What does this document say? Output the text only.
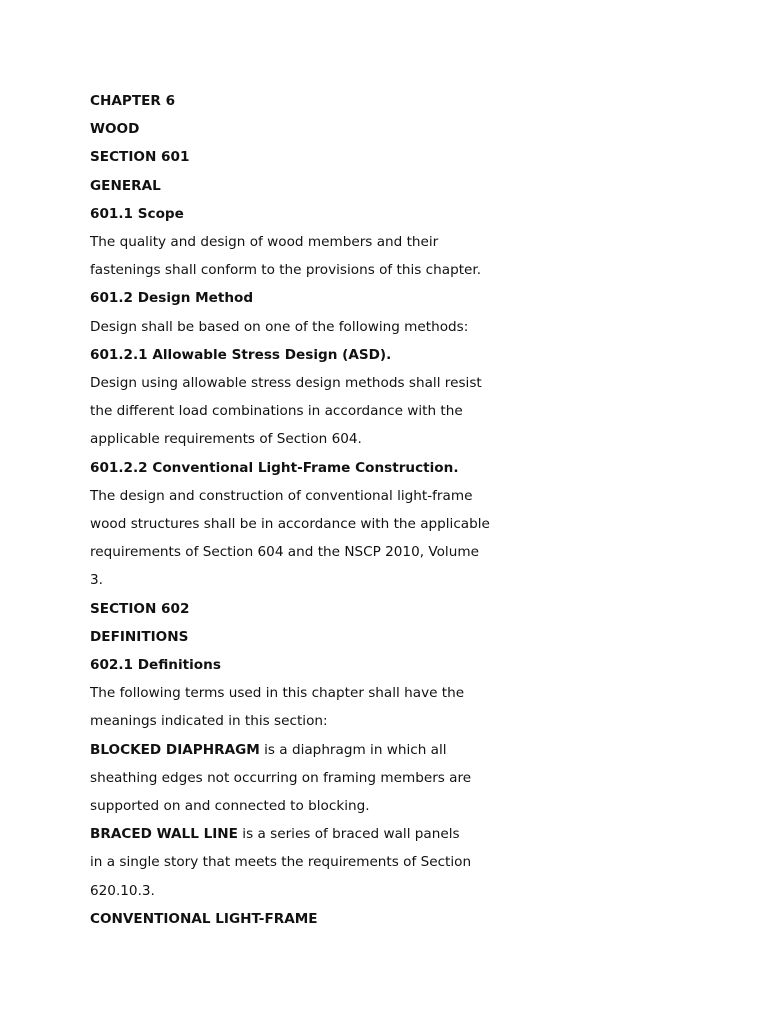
CHAPTER 6

WOOD

SECTION 601

GENERAL

601.1 Scope

The quality and design of wood members and their

fastenings shall conform to the provisions of this chapter.

601.2 Design Method

Design shall be based on one of the following methods:

601.2.1 Allowable Stress Design (ASD).

Design using allowable stress design methods shall resist

the different load combinations in accordance with the

applicable requirements of Section 604.

601.2.2 Conventional Light-Frame Construction.

The design and construction of conventional light-frame

wood structures shall be in accordance with the applicable

requirements of Section 604 and the NSCP 2010, Volume

3.

SECTION 602

DEFINITIONS

602.1 Definitions

The following terms used in this chapter shall have the

meanings indicated in this section:

BLOCKED DIAPHRAGM is a diaphragm in which all

sheathing edges not occurring on framing members are

supported on and connected to blocking.

BRACED WALL LINE is a series of braced wall panels

in a single story that meets the requirements of Section

620.10.3.

CONVENTIONAL LIGHT-FRAME
